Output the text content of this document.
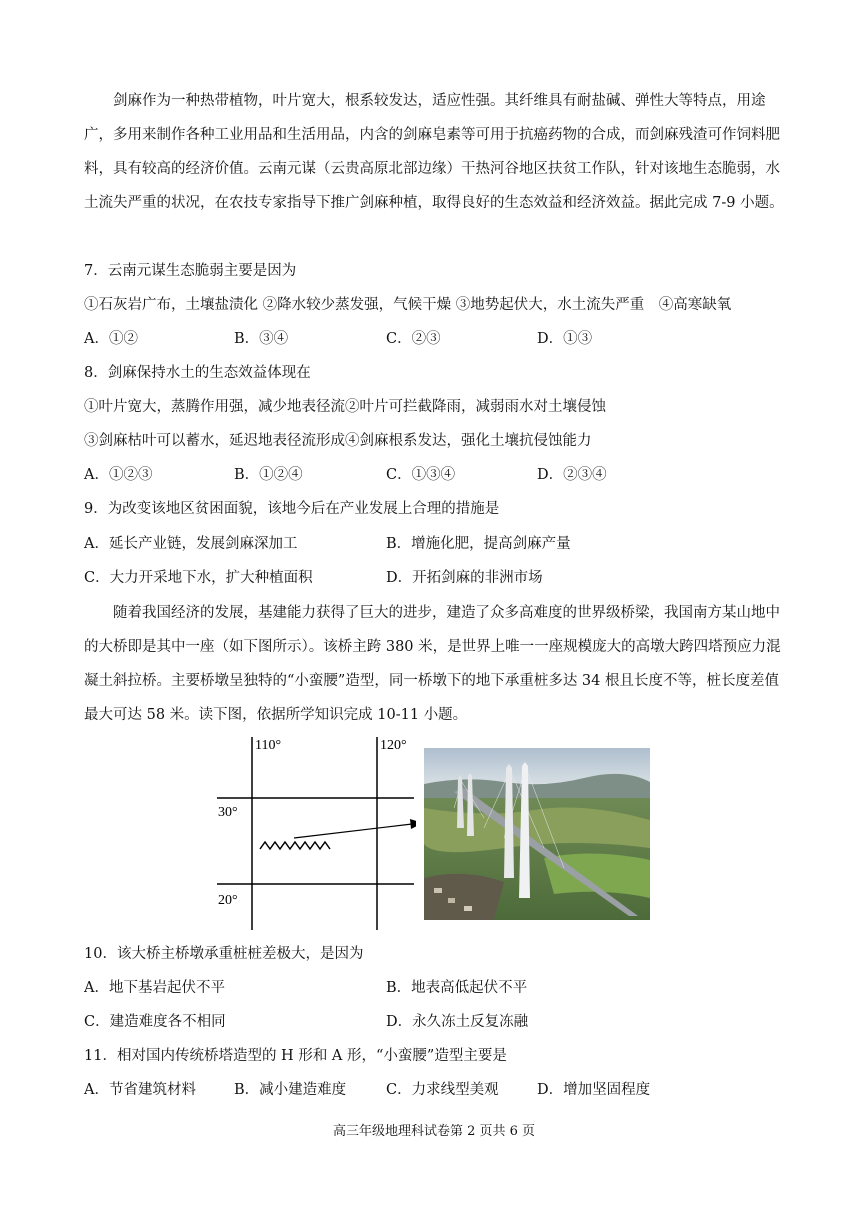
剑麻作为一种热带植物，叶片宽大，根系较发达，适应性强。其纤维具有耐盐碱、弹性大等特点，用途广，多用来制作各种工业用品和生活用品，内含的剑麻皂素等可用于抗癌药物的合成，而剑麻残渣可作饲料肥料，具有较高的经济价值。云南元谋（云贵高原北部边缘）干热河谷地区扶贫工作队，针对该地生态脆弱，水土流失严重的状况，在农技专家指导下推广剑麻种植，取得良好的生态效益和经济效益。据此完成 7-9 小题。
7．云南元谋生态脆弱主要是因为
①石灰岩广布，土壤盐渍化 ②降水较少蒸发强，气候干燥 ③地势起伏大，水土流失严重　④高寒缺氧
A．①②	B．③④	C．②③	D．①③
8．剑麻保持水土的生态效益体现在
①叶片宽大，蒸腾作用强，减少地表径流②叶片可拦截降雨，减弱雨水对土壤侵蚀
③剑麻枯叶可以蓄水，延迟地表径流形成④剑麻根系发达，强化土壤抗侵蚀能力
A．①②③	B．①②④	C．①③④	D．②③④
9．为改变该地区贫困面貌，该地今后在产业发展上合理的措施是
A．延长产业链，发展剑麻深加工	B．增施化肥，提高剑麻产量
C．大力开采地下水，扩大种植面积	D．开拓剑麻的非洲市场
随着我国经济的发展，基建能力获得了巨大的进步，建造了众多高难度的世界级桥梁，我国南方某山地中的大桥即是其中一座（如下图所示）。该桥主跨 380 米，是世界上唯一一座规模庞大的高墩大跨四塔预应力混凝土斜拉桥。主要桥墩呈独特的“小蛮腰”造型，同一桥墩下的地下承重桩多达 34 根且长度不等，桩长度差值最大可达 58 米。读下图，依据所学知识完成 10-11 小题。
110°	120°
30°
20°
10．该大桥主桥墩承重桩桩差极大，是因为
A．地下基岩起伏不平	B．地表高低起伏不平
C．建造难度各不相同	D．永久冻土反复冻融
11．相对国内传统桥塔造型的 H 形和 A 形，“小蛮腰”造型主要是
A．节省建筑材料	B．减小建造难度	C．力求线型美观	D．增加坚固程度
高三年级地理科试卷第 2 页共 6 页
